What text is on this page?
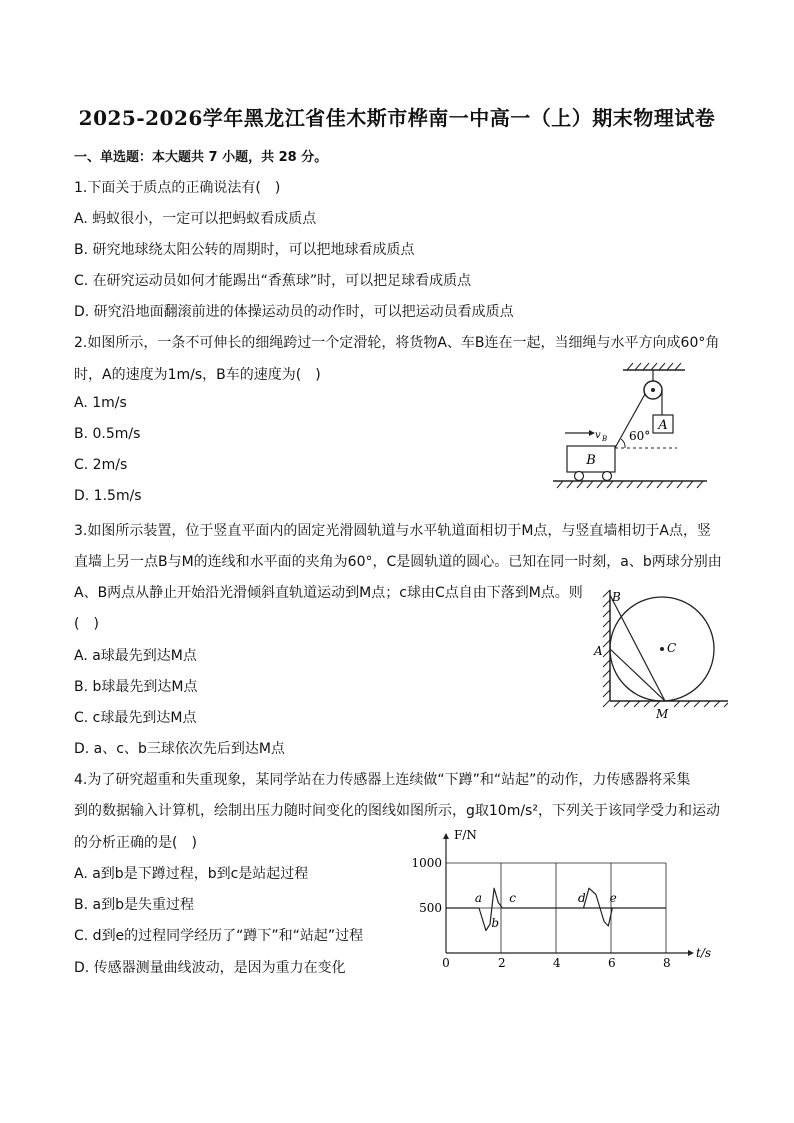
2025-2026学年黑龙江省佳木斯市桦南一中高一（上）期末物理试卷
一、单选题：本大题共 7 小题，共 28 分。
1.下面关于质点的正确说法有(　)
A. 蚂蚁很小，一定可以把蚂蚁看成质点
B. 研究地球绕太阳公转的周期时，可以把地球看成质点
C. 在研究运动员如何才能踢出“香蕉球”时，可以把足球看成质点
D. 研究沿地面翻滚前进的体操运动员的动作时，可以把运动员看成质点
2.如图所示，一条不可伸长的细绳跨过一个定滑轮，将货物A、车B连在一起，当细绳与水平方向成60°角
时，A的速度为1m/s，B车的速度为(　)
A. 1m/s
B. 0.5m/s
C. 2m/s
D. 1.5m/s
A
60°
v B
B
3.如图所示装置，位于竖直平面内的固定光滑圆轨道与水平轨道面相切于M点，与竖直墙相切于A点，竖
直墙上另一点B与M的连线和水平面的夹角为60°，C是圆轨道的圆心。已知在同一时刻，a、b两球分别由
A、B两点从静止开始沿光滑倾斜直轨道运动到M点；c球由C点自由下落到M点。则
(　)
A. a球最先到达M点
B. b球最先到达M点
C. c球最先到达M点
D. a、c、b三球依次先后到达M点
B
A	C
M
4.为了研究超重和失重现象，某同学站在力传感器上连续做“下蹲”和“站起”的动作，力传感器将采集
到的数据输入计算机，绘制出压力随时间变化的图线如图所示，g取10m/s²，下列关于该同学受力和运动
的分析正确的是(　)
A. a到b是下蹲过程，b到c是站起过程
B. a到b是失重过程
C. d到e的过程同学经历了“蹲下”和“站起”过程
D. 传感器测量曲线波动，是因为重力在变化
F/N
t/s
0	2	4	6	8
500
1000
a
b
c	d e
